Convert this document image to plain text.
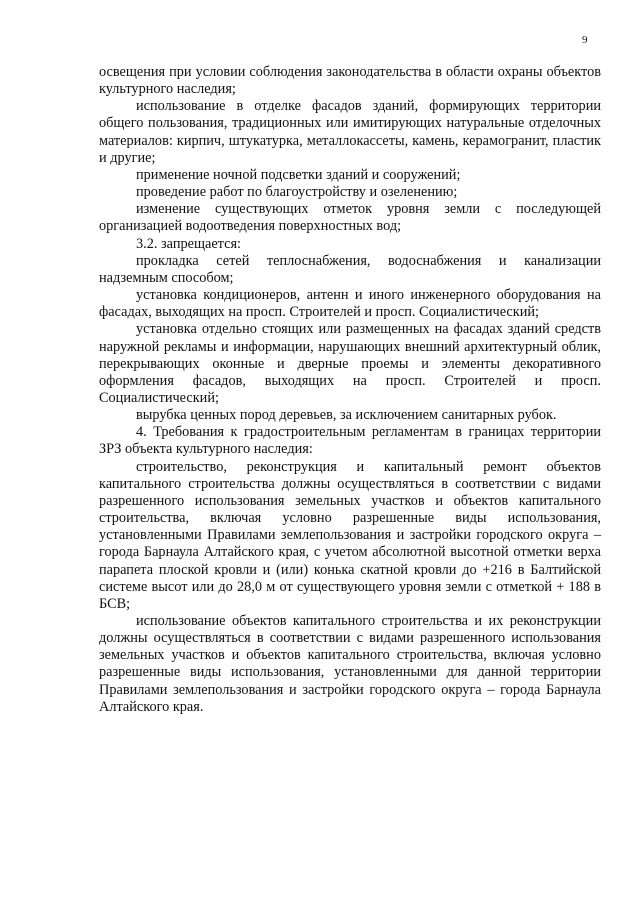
9

освещения при условии соблюдения законодательства в области охраны объектов культурного наследия;

использование в отделке фасадов зданий, формирующих территории общего пользования, традиционных или имитирующих натуральные отделочных материалов: кирпич, штукатурка, металлокассеты, камень, керамогранит, пластик и другие;

применение ночной подсветки зданий и сооружений;

проведение работ по благоустройству и озеленению;

изменение существующих отметок уровня земли с последующей организацией водоотведения поверхностных вод;

3.2. запрещается:

прокладка сетей теплоснабжения, водоснабжения и канализации надземным способом;

установка кондиционеров, антенн и иного инженерного оборудования на фасадах, выходящих на просп. Строителей и просп. Социалистический;

установка отдельно стоящих или размещенных на фасадах зданий средств наружной рекламы и информации, нарушающих внешний архитектурный облик, перекрывающих оконные и дверные проемы и элементы декоративного оформления фасадов, выходящих на просп. Строителей и просп. Социалистический;

вырубка ценных пород деревьев, за исключением санитарных рубок.

4. Требования к градостроительным регламентам в границах территории ЗРЗ объекта культурного наследия:

строительство, реконструкция и капитальный ремонт объектов капитального строительства должны осуществляться в соответствии с видами разрешенного использования земельных участков и объектов капитального строительства, включая условно разрешенные виды использования, установленными Правилами землепользования и застройки городского округа – города Барнаула Алтайского края, с учетом абсолютной высотной отметки верха парапета плоской кровли и (или) конька скатной кровли до +216 в Балтийской системе высот или до 28,0 м от существующего уровня земли с отметкой + 188 в БСВ;

использование объектов капитального строительства и их реконструкции должны осуществляться в соответствии с видами разрешенного использования земельных участков и объектов капитального строительства, включая условно разрешенные виды использования, установленными для данной территории Правилами землепользования и застройки городского округа – города Барнаула Алтайского края.
